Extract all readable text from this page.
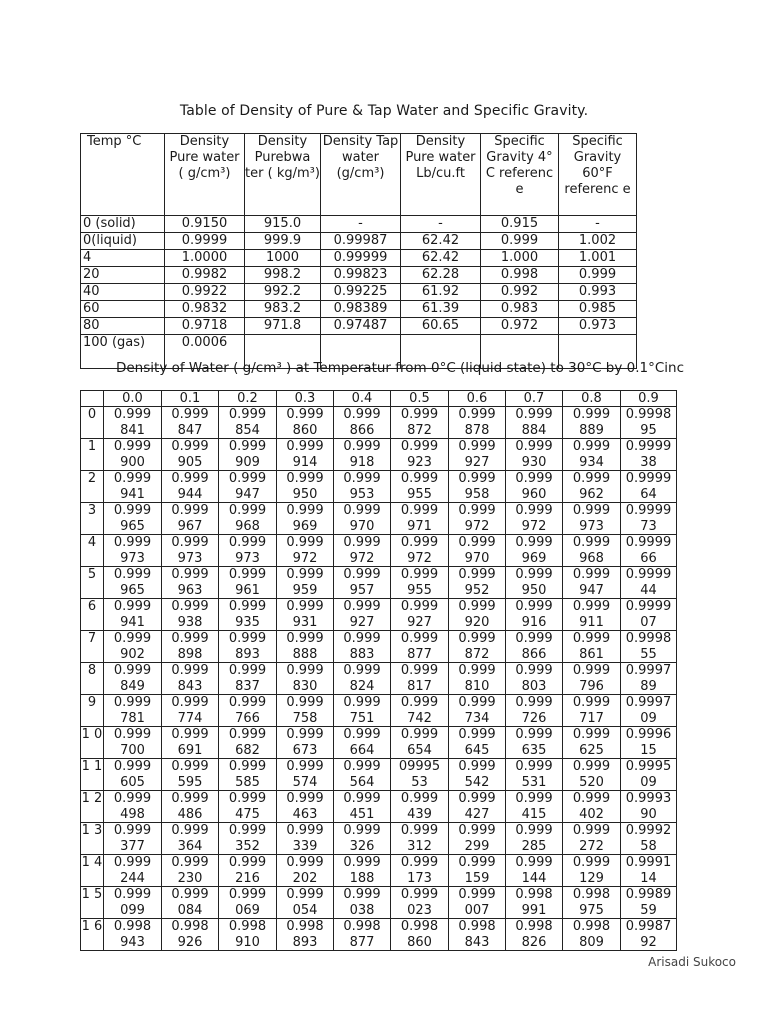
Table of Density of Pure & Tap Water and Specific Gravity.
Temp °C	Density Pure water ( g/cm³)	Density Purebwa ter ( kg/m³)	Density Tap water (g/cm³)	Density Pure water Lb/cu.ft	Specific Gravity 4° C referenc e	Specific Gravity 60°F referenc e
0 (solid)	0.9150	915.0	-	-	0.915	-
0(liquid)	0.9999	999.9	0.99987	62.42	0.999	1.002
4	1.0000	1000	0.99999	62.42	1.000	1.001
20	0.9982	998.2	0.99823	62.28	0.998	0.999
40	0.9922	992.2	0.99225	61.92	0.992	0.993
60	0.9832	983.2	0.98389	61.39	0.983	0.985
80	0.9718	971.8	0.97487	60.65	0.972	0.973
100 (gas)	0.0006					
Density of Water ( g/cm³ ) at Temperatur from 0°C (liquid state) to 30°C by 0.1°Cinc
	0.0	0.1	0.2	0.3	0.4	0.5	0.6	0.7	0.8	0.9
0	0.999 841	0.999 847	0.999 854	0.999 860	0.999 866	0.999 872	0.999 878	0.999 884	0.999 889	0.9998 95
1	0.999 900	0.999 905	0.999 909	0.999 914	0.999 918	0.999 923	0.999 927	0.999 930	0.999 934	0.9999 38
2	0.999 941	0.999 944	0.999 947	0.999 950	0.999 953	0.999 955	0.999 958	0.999 960	0.999 962	0.9999 64
3	0.999 965	0.999 967	0.999 968	0.999 969	0.999 970	0.999 971	0.999 972	0.999 972	0.999 973	0.9999 73
4	0.999 973	0.999 973	0.999 973	0.999 972	0.999 972	0.999 972	0.999 970	0.999 969	0.999 968	0.9999 66
5	0.999 965	0.999 963	0.999 961	0.999 959	0.999 957	0.999 955	0.999 952	0.999 950	0.999 947	0.9999 44
6	0.999 941	0.999 938	0.999 935	0.999 931	0.999 927	0.999 927	0.999 920	0.999 916	0.999 911	0.9999 07
7	0.999 902	0.999 898	0.999 893	0.999 888	0.999 883	0.999 877	0.999 872	0.999 866	0.999 861	0.9998 55
8	0.999 849	0.999 843	0.999 837	0.999 830	0.999 824	0.999 817	0.999 810	0.999 803	0.999 796	0.9997 89
9	0.999 781	0.999 774	0.999 766	0.999 758	0.999 751	0.999 742	0.999 734	0.999 726	0.999 717	0.9997 09
1 0	0.999 700	0.999 691	0.999 682	0.999 673	0.999 664	0.999 654	0.999 645	0.999 635	0.999 625	0.9996 15
1 1	0.999 605	0.999 595	0.999 585	0.999 574	0.999 564	09995 53	0.999 542	0.999 531	0.999 520	0.9995 09
1 2	0.999 498	0.999 486	0.999 475	0.999 463	0.999 451	0.999 439	0.999 427	0.999 415	0.999 402	0.9993 90
1 3	0.999 377	0.999 364	0.999 352	0.999 339	0.999 326	0.999 312	0.999 299	0.999 285	0.999 272	0.9992 58
1 4	0.999 244	0.999 230	0.999 216	0.999 202	0.999 188	0.999 173	0.999 159	0.999 144	0.999 129	0.9991 14
1 5	0.999 099	0.999 084	0.999 069	0.999 054	0.999 038	0.999 023	0.999 007	0.998 991	0.998 975	0.9989 59
1 6	0.998 943	0.998 926	0.998 910	0.998 893	0.998 877	0.998 860	0.998 843	0.998 826	0.998 809	0.9987 92
Arisadi Sukoco
